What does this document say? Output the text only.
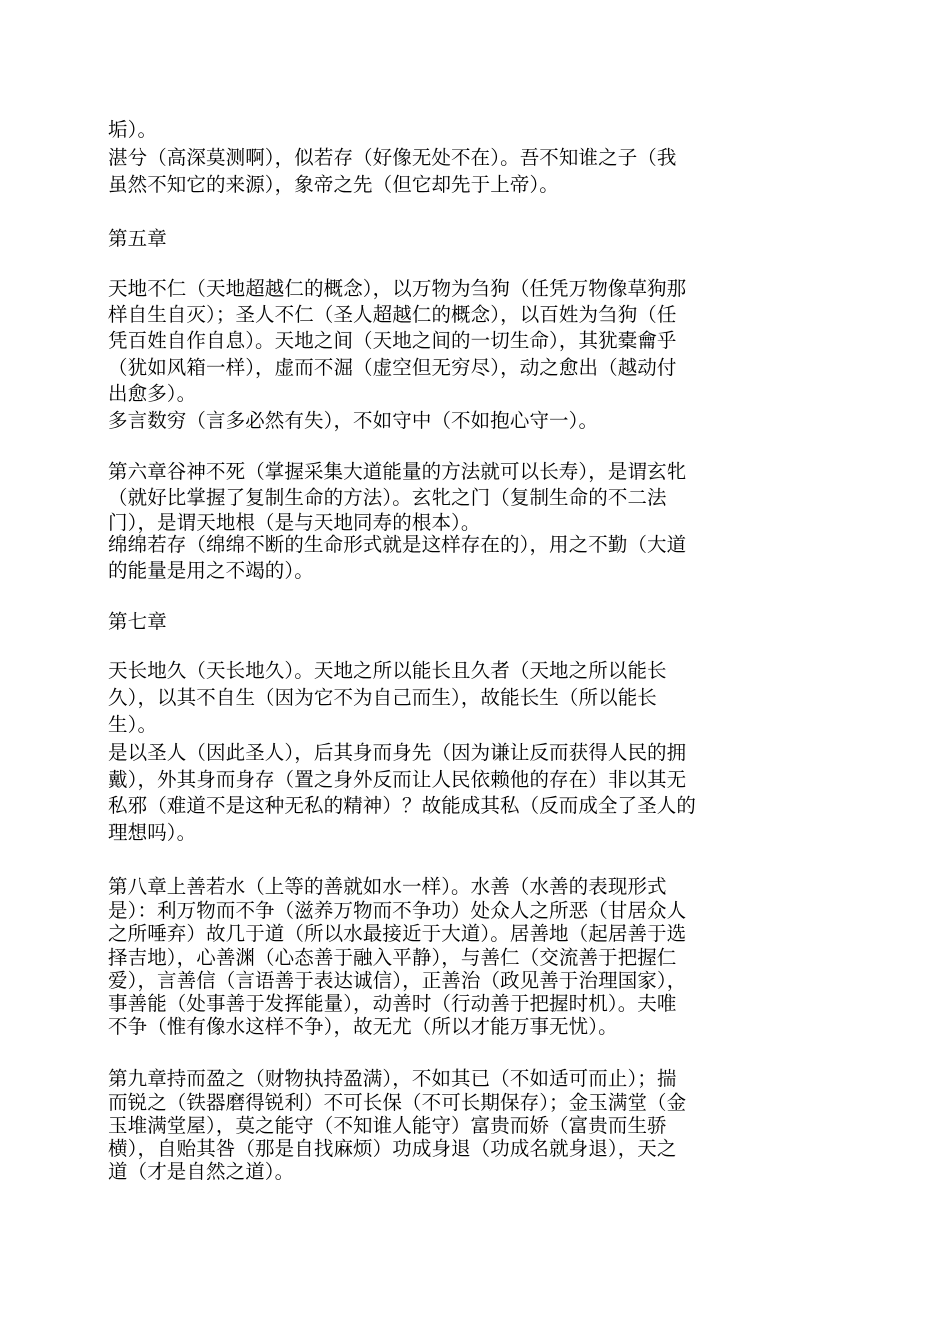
垢）。
湛兮（高深莫测啊），似若存（好像无处不在）。吾不知谁之子（我
虽然不知它的来源），象帝之先（但它却先于上帝）。
第五章
天地不仁（天地超越仁的概念），以万物为刍狗（任凭万物像草狗那
样自生自灭）；圣人不仁（圣人超越仁的概念），以百姓为刍狗（任
凭百姓自作自息）。天地之间（天地之间的一切生命），其犹橐龠乎
（犹如风箱一样），虚而不淈（虚空但无穷尽），动之愈出（越动付
出愈多）。
多言数穷（言多必然有失），不如守中（不如抱心守一）。
第六章谷神不死（掌握采集大道能量的方法就可以长寿），是谓玄牝
（就好比掌握了复制生命的方法）。玄牝之门（复制生命的不二法
门），是谓天地根（是与天地同寿的根本）。
绵绵若存（绵绵不断的生命形式就是这样存在的），用之不勤（大道
的能量是用之不竭的）。
第七章
天长地久（天长地久）。天地之所以能长且久者（天地之所以能长
久），以其不自生（因为它不为自己而生），故能长生（所以能长
生）。
是以圣人（因此圣人），后其身而身先（因为谦让反而获得人民的拥
戴），外其身而身存（置之身外反而让人民依赖他的存在）非以其无
私邪（难道不是这种无私的精神）？故能成其私（反而成全了圣人的
理想吗）。
第八章上善若水（上等的善就如水一样）。水善（水善的表现形式
是）：利万物而不争（滋养万物而不争功）处众人之所恶（甘居众人
之所唾弃）故几于道（所以水最接近于大道）。居善地（起居善于选
择吉地），心善渊（心态善于融入平静），与善仁（交流善于把握仁
爱），言善信（言语善于表达诚信），正善治（政见善于治理国家），
事善能（处事善于发挥能量），动善时（行动善于把握时机）。夫唯
不争（惟有像水这样不争），故无尤（所以才能万事无忧）。
第九章持而盈之（财物执持盈满），不如其已（不如适可而止）；揣
而锐之（铁器磨得锐利）不可长保（不可长期保存）；金玉满堂（金
玉堆满堂屋），莫之能守（不知谁人能守）富贵而娇（富贵而生骄
横），自贻其咎（那是自找麻烦）功成身退（功成名就身退），天之
道（才是自然之道）。
